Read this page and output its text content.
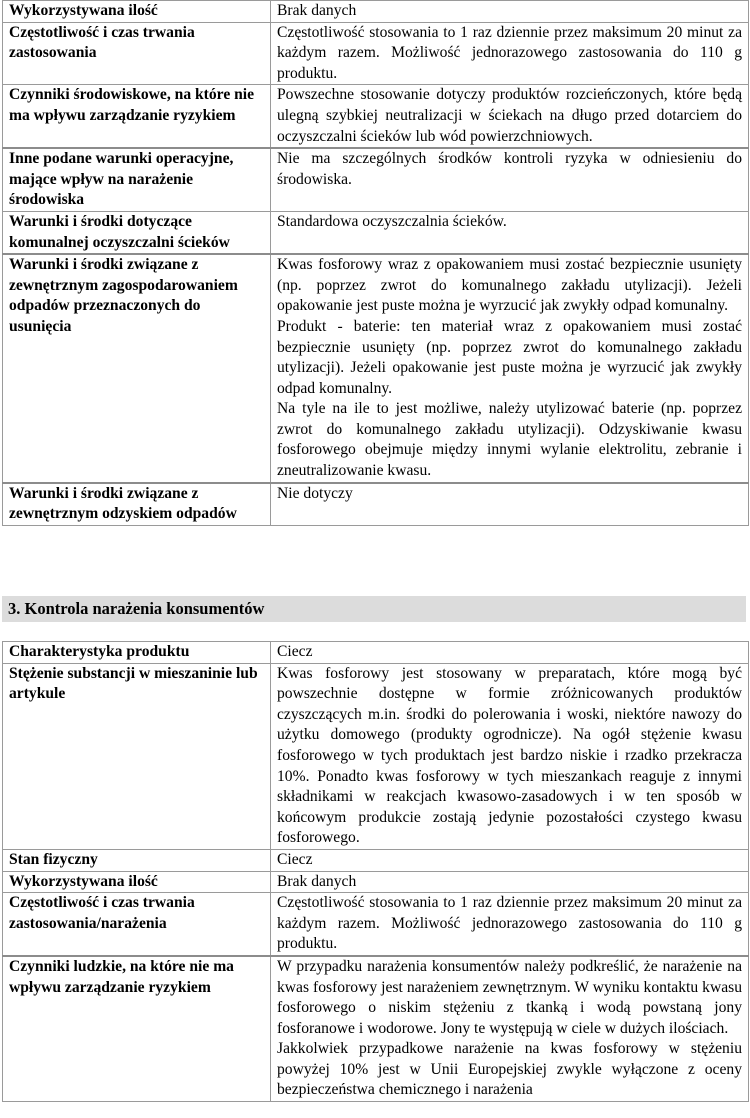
Wykorzystywana ilość	Brak danych

Częstotliwość i czas trwania zastosowania	Częstotliwość stosowania to 1 raz dziennie przez maksimum 20 minut za każdym razem. Możliwość jednorazowego zastosowania do 110 g produktu.

Czynniki środowiskowe, na które nie ma wpływu zarządzanie ryzykiem	Powszechne stosowanie dotyczy produktów rozcieńczonych, które będą ulegną szybkiej neutralizacji w ściekach na długo przed dotarciem do oczyszczalni ścieków lub wód powierzchniowych.

Inne podane warunki operacyjne, mające wpływ na narażenie środowiska	Nie ma szczególnych środków kontroli ryzyka w odniesieniu do środowiska.

Warunki i środki dotyczące komunalnej oczyszczalni ścieków	Standardowa oczyszczalnia ścieków.

Warunki i środki związane z zewnętrznym zagospodarowaniem odpadów przeznaczonych do usunięcia	Kwas fosforowy wraz z opakowaniem musi zostać bezpiecznie usunięty (np. poprzez zwrot do komunalnego zakładu utylizacji). Jeżeli opakowanie jest puste można je wyrzucić jak zwykły odpad komunalny.

Produkt - baterie: ten materiał wraz z opakowaniem musi zostać bezpiecznie usunięty (np. poprzez zwrot do komunalnego zakładu utylizacji). Jeżeli opakowanie jest puste można je wyrzucić jak zwykły odpad komunalny.

Na tyle na ile to jest możliwe, należy utylizować baterie (np. poprzez zwrot do komunalnego zakładu utylizacji). Odzyskiwanie kwasu fosforowego obejmuje między innymi wylanie elektrolitu, zebranie i zneutralizowanie kwasu.

Warunki i środki związane z zewnętrznym odzyskiem odpadów	Nie dotyczy

3. Kontrola narażenia konsumentów
Charakterystyka produktu	Ciecz

Stężenie substancji w mieszaninie lub artykule	Kwas fosforowy jest stosowany w preparatach, które mogą być powszechnie dostępne w formie zróżnicowanych produktów czyszczących m.in. środki do polerowania i woski, niektóre nawozy do użytku domowego (produkty ogrodnicze). Na ogół stężenie kwasu fosforowego w tych produktach jest bardzo niskie i rzadko przekracza 10%. Ponadto kwas fosforowy w tych mieszankach reaguje z innymi składnikami w reakcjach kwasowo-zasadowych i w ten sposób w końcowym produkcie zostają jedynie pozostałości czystego kwasu fosforowego.

Stan fizyczny	Ciecz

Wykorzystywana ilość	Brak danych

Częstotliwość i czas trwania zastosowania/narażenia	Częstotliwość stosowania to 1 raz dziennie przez maksimum 20 minut za każdym razem. Możliwość jednorazowego zastosowania do 110 g produktu.

Czynniki ludzkie, na które nie ma wpływu zarządzanie ryzykiem	W przypadku narażenia konsumentów należy podkreślić, że narażenie na kwas fosforowy jest narażeniem zewnętrznym. W wyniku kontaktu kwasu fosforowego o niskim stężeniu z tkanką i wodą powstaną jony fosforanowe i wodorowe. Jony te występują w ciele w dużych ilościach.

Jakkolwiek przypadkowe narażenie na kwas fosforowy w stężeniu powyżej 10% jest w Unii Europejskiej zwykle wyłączone z oceny bezpieczeństwa chemicznego i narażenia
